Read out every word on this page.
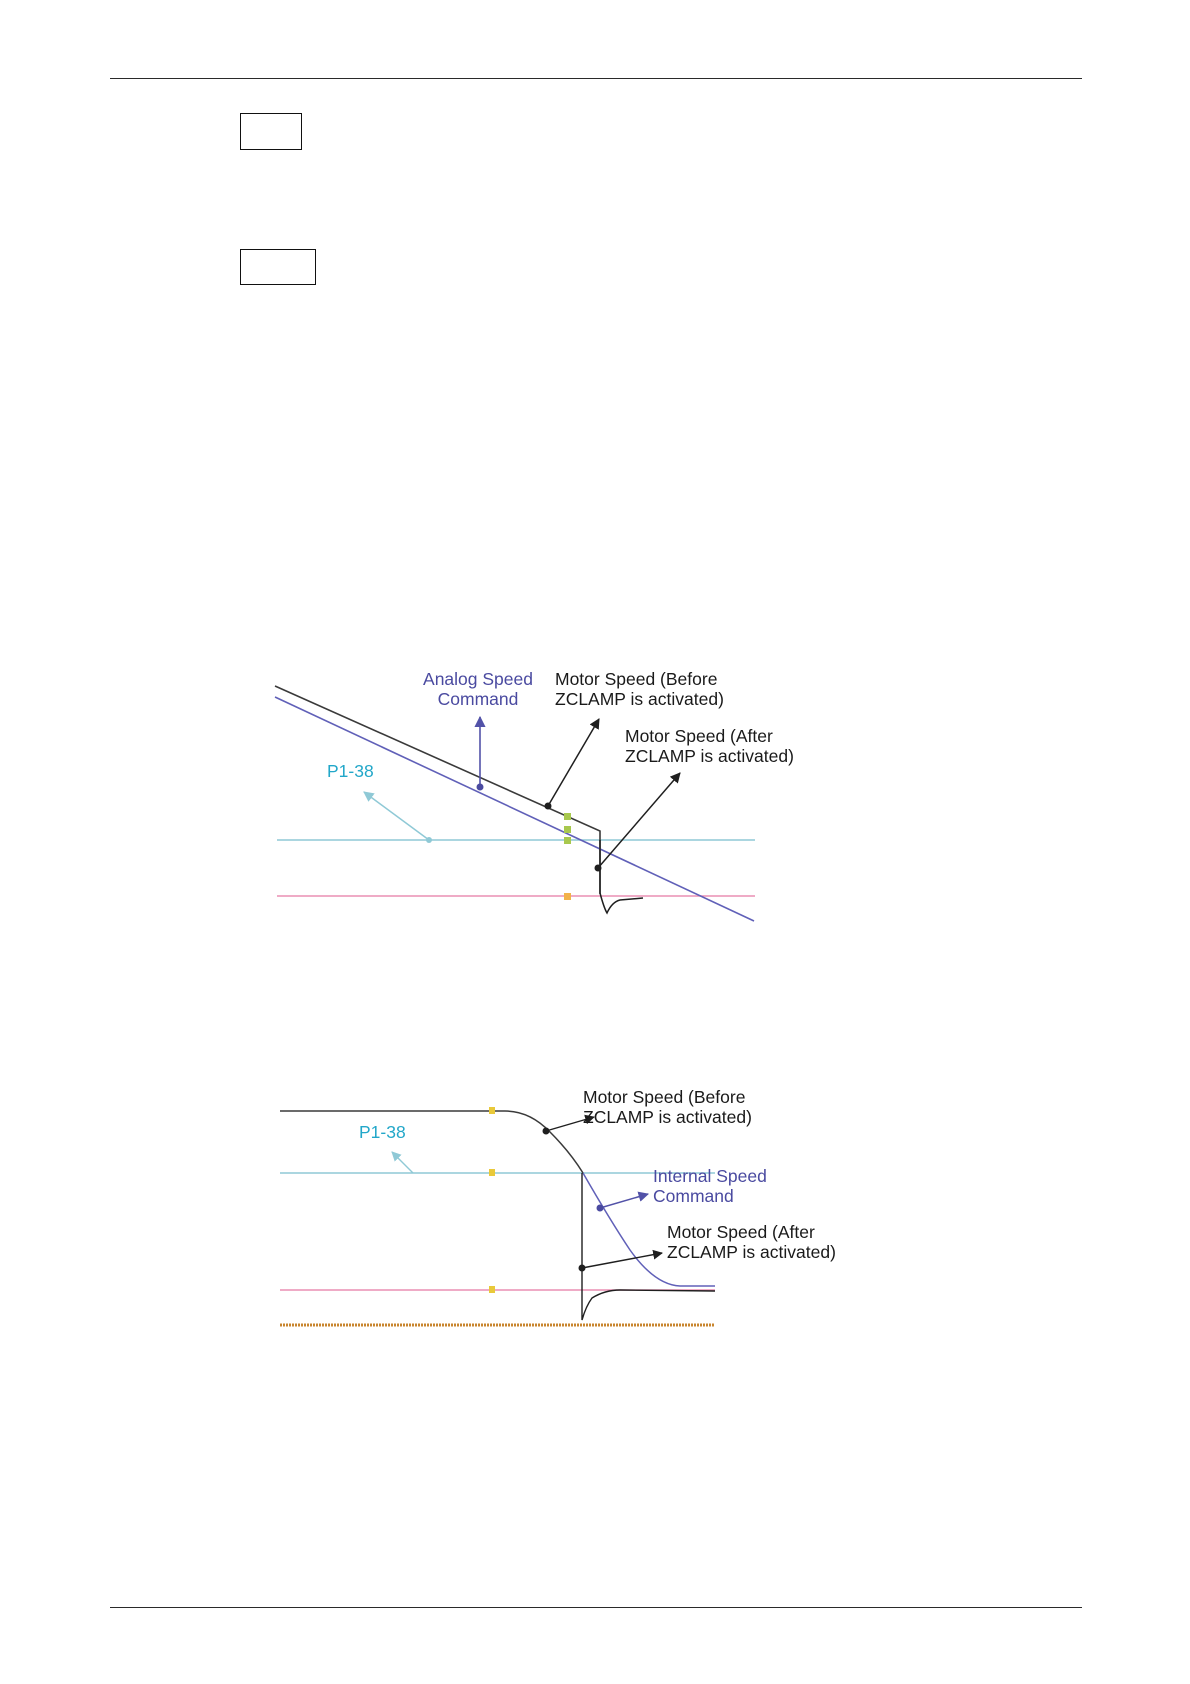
Analog Speed
Command
Motor Speed (Before
ZCLAMP is activated)
Motor Speed (After
ZCLAMP is activated)
P1-38
Motor Speed (Before
ZCLAMP is activated)
P1-38
Internal Speed
Command
Motor Speed (After
ZCLAMP is activated)
